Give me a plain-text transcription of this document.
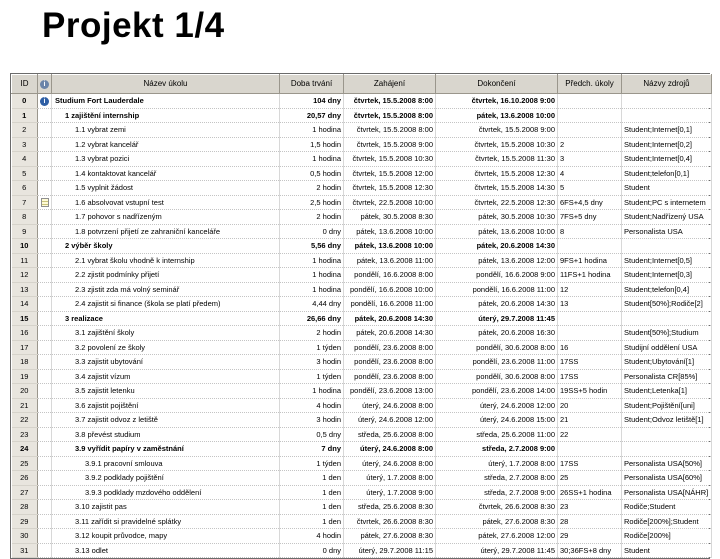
Projekt 1/4
ID	i	Název úkolu	Doba trvání	Zahájení	Dokončení	Předch. úkoly	Názvy zdrojů
0	i	Studium Fort Lauderdale	104 dny	čtvrtek, 15.5.2008 8:00	čtvrtek, 16.10.2008 9:00		
1		1 zajištění internship	20,57 dny	čtvrtek, 15.5.2008 8:00	pátek, 13.6.2008 10:00		
2		1.1 vybrat zemi	1 hodina	čtvrtek, 15.5.2008 8:00	čtvrtek, 15.5.2008 9:00		Student;Internet[0,1]
3		1.2 vybrat kancelář	1,5 hodin	čtvrtek, 15.5.2008 9:00	čtvrtek, 15.5.2008 10:30	2	Student;Internet[0,2]
4		1.3 vybrat pozici	1 hodina	čtvrtek, 15.5.2008 10:30	čtvrtek, 15.5.2008 11:30	3	Student;Internet[0,4]
5		1.4 kontaktovat kancelář	0,5 hodin	čtvrtek, 15.5.2008 12:00	čtvrtek, 15.5.2008 12:30	4	Student;telefon[0,1]
6		1.5 vyplnit žádost	2 hodin	čtvrtek, 15.5.2008 12:30	čtvrtek, 15.5.2008 14:30	5	Student
7		1.6 absolvovat vstupní test	2,5 hodin	čtvrtek, 22.5.2008 10:00	čtvrtek, 22.5.2008 12:30	6FS+4,5 dny	Student;PC s internetem
8		1.7 pohovor s nadřízeným	2 hodin	pátek, 30.5.2008 8:30	pátek, 30.5.2008 10:30	7FS+5 dny	Student;Nadřízený USA
9		1.8 potvrzení přijetí ze zahraniční kanceláře	0 dny	pátek, 13.6.2008 10:00	pátek, 13.6.2008 10:00	8	Personalista USA
10		2 výběr školy	5,56 dny	pátek, 13.6.2008 10:00	pátek, 20.6.2008 14:30		
11		2.1 vybrat školu vhodně k internship	1 hodina	pátek, 13.6.2008 11:00	pátek, 13.6.2008 12:00	9FS+1 hodina	Student;Internet[0,5]
12		2.2 zjistit podmínky přijetí	1 hodina	pondělí, 16.6.2008 8:00	pondělí, 16.6.2008 9:00	11FS+1 hodina	Student;Internet[0,3]
13		2.3 zjistit zda má volný seminář	1 hodina	pondělí, 16.6.2008 10:00	pondělí, 16.6.2008 11:00	12	Student;telefon[0,4]
14		2.4 zajistit si finance (škola se platí předem)	4,44 dny	pondělí, 16.6.2008 11:00	pátek, 20.6.2008 14:30	13	Student[50%];Rodiče[2]
15		3 realizace	26,66 dny	pátek, 20.6.2008 14:30	úterý, 29.7.2008 11:45		
16		3.1 zajištění školy	2 hodin	pátek, 20.6.2008 14:30	pátek, 20.6.2008 16:30		Student[50%];Studium
17		3.2 povolení ze školy	1 týden	pondělí, 23.6.2008 8:00	pondělí, 30.6.2008 8:00	16	Studijní oddělení USA
18		3.3 zajistit ubytování	3 hodin	pondělí, 23.6.2008 8:00	pondělí, 23.6.2008 11:00	17SS	Student;Ubytování[1]
19		3.4 zajistit vízum	1 týden	pondělí, 23.6.2008 8:00	pondělí, 30.6.2008 8:00	17SS	Personalista CR[85%]
20		3.5 zajistit letenku	1 hodina	pondělí, 23.6.2008 13:00	pondělí, 23.6.2008 14:00	19SS+5 hodin	Student;Letenka[1]
21		3.6 zajistit pojištění	4 hodin	úterý, 24.6.2008 8:00	úterý, 24.6.2008 12:00	20	Student;Pojištění[uni]
22		3.7 zajistit odvoz z letiště	3 hodin	úterý, 24.6.2008 12:00	úterý, 24.6.2008 15:00	21	Student;Odvoz letiště[1]
23		3.8 převést studium	0,5 dny	středa, 25.6.2008 8:00	středa, 25.6.2008 11:00	22	
24		3.9 vyřídit papíry v zaměstnání	7 dny	úterý, 24.6.2008 8:00	středa, 2.7.2008 9:00		
25		3.9.1 pracovní smlouva	1 týden	úterý, 24.6.2008 8:00	úterý, 1.7.2008 8:00	17SS	Personalista USA[50%]
26		3.9.2 podklady pojištění	1 den	úterý, 1.7.2008 8:00	středa, 2.7.2008 8:00	25	Personalista USA[60%]
27		3.9.3 podklady mzdového oddělení	1 den	úterý, 1.7.2008 9:00	středa, 2.7.2008 9:00	26SS+1 hodina	Personalista USA[NÁHR]
28		3.10 zajistit pas	1 den	středa, 25.6.2008 8:30	čtvrtek, 26.6.2008 8:30	23	Rodiče;Student
29		3.11 zařídit si pravidelné splátky	1 den	čtvrtek, 26.6.2008 8:30	pátek, 27.6.2008 8:30	28	Rodiče[200%];Student
30		3.12 koupit průvodce, mapy	4 hodin	pátek, 27.6.2008 8:30	pátek, 27.6.2008 12:00	29	Rodiče[200%]
31		3.13 odlet	0 dny	úterý, 29.7.2008 11:15	úterý, 29.7.2008 11:45	30;36FS+8 dny	Student
